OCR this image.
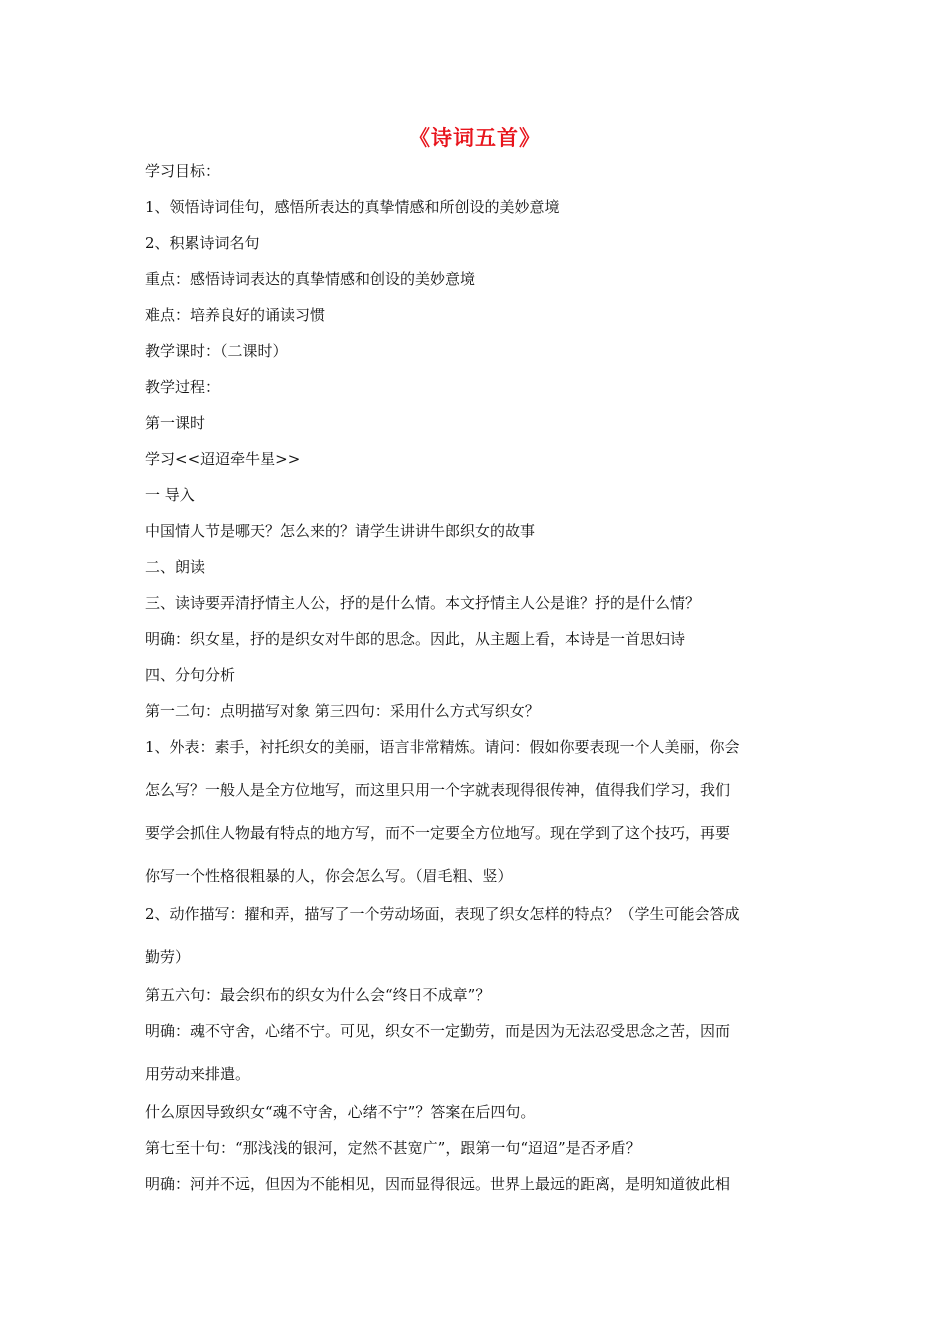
《诗词五首》

学习目标：

1、领悟诗词佳句，感悟所表达的真挚情感和所创设的美妙意境

2、积累诗词名句

重点：感悟诗词表达的真挚情感和创设的美妙意境

难点：培养良好的诵读习惯

教学课时：（二课时）

教学过程：

第一课时

学习<<迢迢牵牛星>>

一 导入

中国情人节是哪天？怎么来的？请学生讲讲牛郎织女的故事

二、朗读

三、读诗要弄清抒情主人公，抒的是什么情。本文抒情主人公是谁？抒的是什么情？

明确：织女星，抒的是织女对牛郎的思念。因此，从主题上看，本诗是一首思妇诗

四、分句分析

第一二句：点明描写对象 第三四句：采用什么方式写织女？

1、外表：素手，衬托织女的美丽，语言非常精炼。请问：假如你要表现一个人美丽，你会

怎么写？一般人是全方位地写，而这里只用一个字就表现得很传神，值得我们学习，我们

要学会抓住人物最有特点的地方写，而不一定要全方位地写。现在学到了这个技巧，再要

你写一个性格很粗暴的人，你会怎么写。（眉毛粗、竖）

2、动作描写：擢和弄，描写了一个劳动场面，表现了织女怎样的特点？（学生可能会答成

勤劳）

第五六句：最会织布的织女为什么会“终日不成章”？

明确：魂不守舍，心绪不宁。可见，织女不一定勤劳，而是因为无法忍受思念之苦，因而

用劳动来排遣。

什么原因导致织女“魂不守舍，心绪不宁”？答案在后四句。

第七至十句：“那浅浅的银河，定然不甚宽广”，跟第一句“迢迢”是否矛盾？

明确：河并不远，但因为不能相见，因而显得很远。世界上最远的距离，是明知道彼此相
